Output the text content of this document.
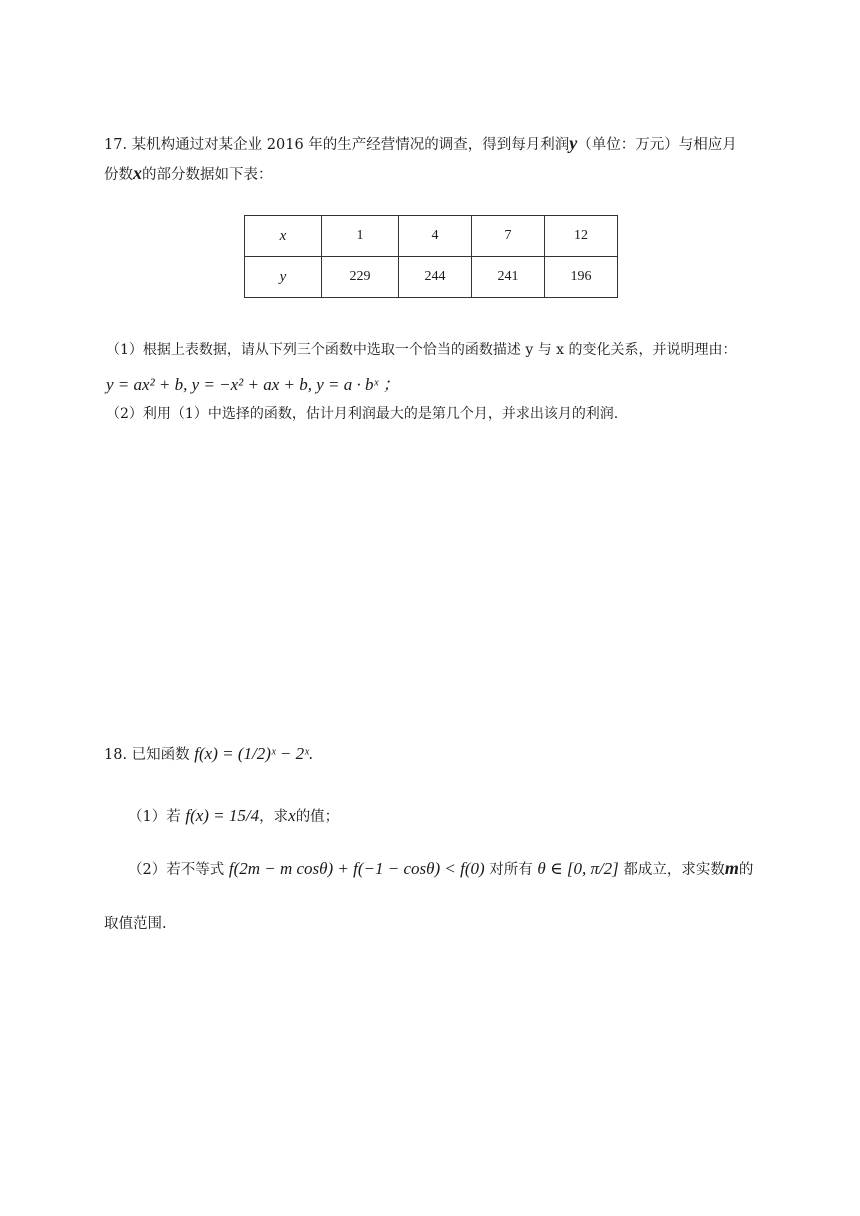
17. 某机构通过对某企业 2016 年的生产经营情况的调查，得到每月利润y（单位：万元）与相应月
份数x的部分数据如下表：
x	1	4	7	12
y	229	244	241	196
（1）根据上表数据，请从下列三个函数中选取一个恰当的函数描述 y 与 x 的变化关系，并说明理由：
y = ax² + b, y = −x² + ax + b, y = a · bˣ ；
（2）利用（1）中选择的函数，估计月利润最大的是第几个月，并求出该月的利润.
18. 已知函数 f(x) = (1/2)ˣ − 2ˣ.
（1）若 f(x) = 15/4，求x的值；
（2）若不等式 f(2m − m cosθ) + f(−1 − cosθ) < f(0) 对所有 θ ∈ [0, π/2] 都成立，求实数m的
取值范围.
